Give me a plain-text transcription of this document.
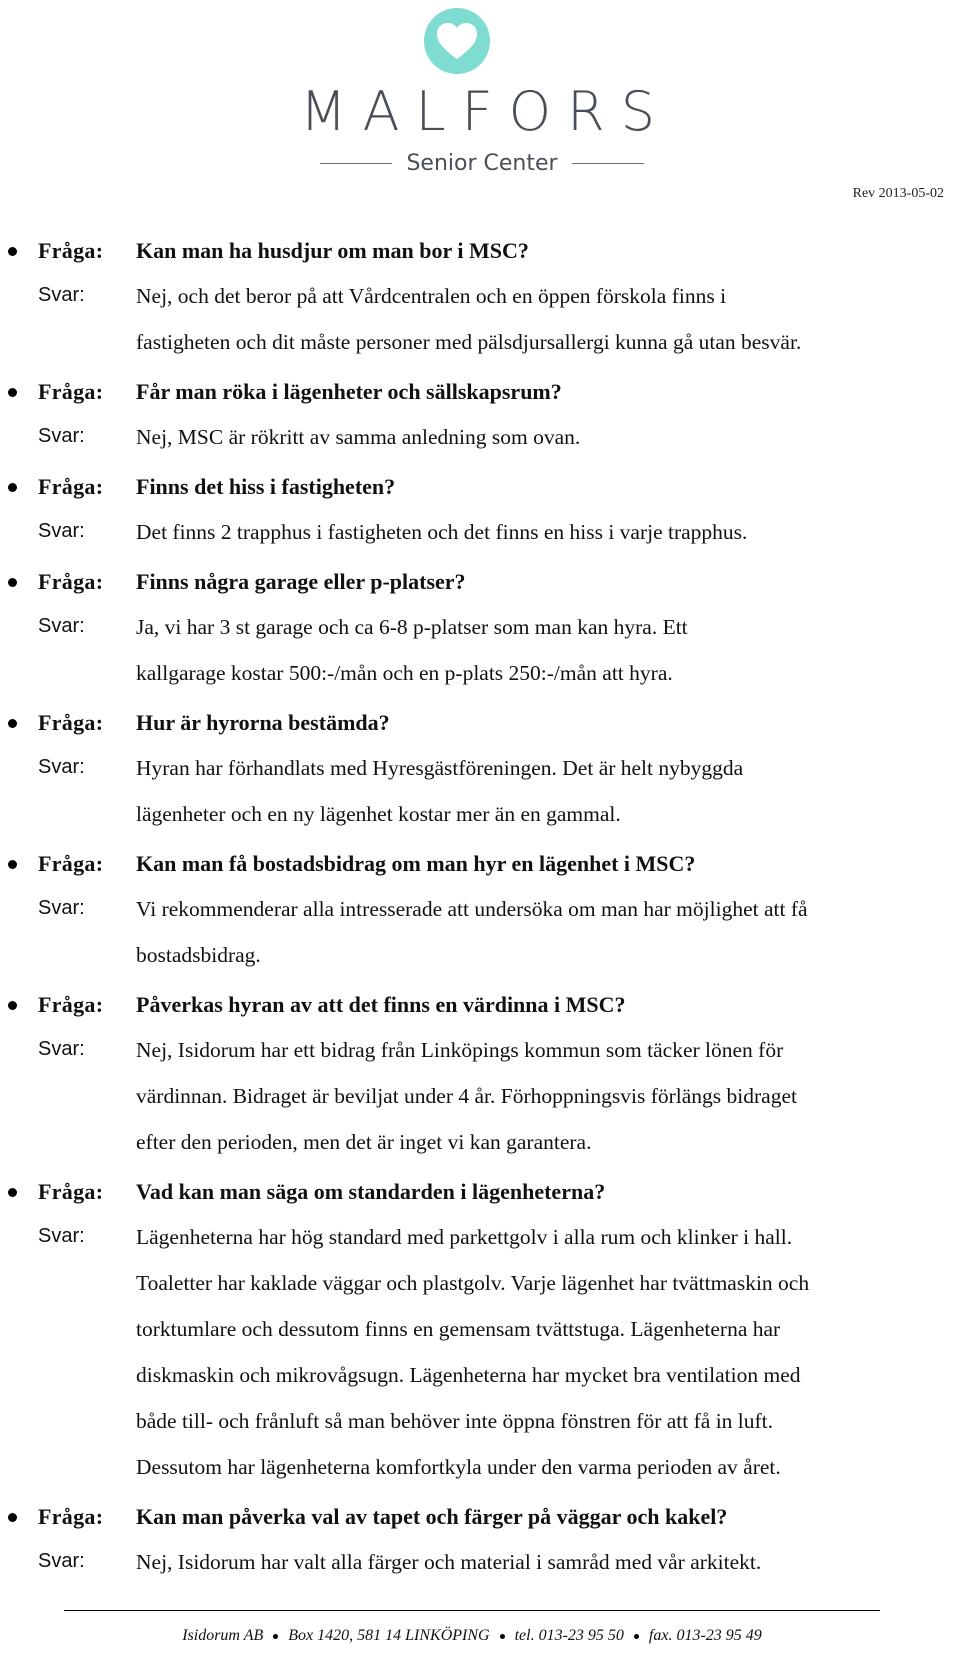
MALFORS
Senior Center
Rev 2013-05-02
Fråga: Kan man ha husdjur om man bor i MSC?
Svar: Nej, och det beror på att Vårdcentralen och en öppen förskola finns i
fastigheten och dit måste personer med pälsdjursallergi kunna gå utan besvär.
Fråga: Får man röka i lägenheter och sällskapsrum?
Svar: Nej, MSC är rökritt av samma anledning som ovan.
Fråga: Finns det hiss i fastigheten?
Svar: Det finns 2 trapphus i fastigheten och det finns en hiss i varje trapphus.
Fråga: Finns några garage eller p-platser?
Svar: Ja, vi har 3 st garage och ca 6-8 p-platser som man kan hyra. Ett
kallgarage kostar 500:-/mån och en p-plats 250:-/mån att hyra.
Fråga: Hur är hyrorna bestämda?
Svar: Hyran har förhandlats med Hyresgästföreningen. Det är helt nybyggda
lägenheter och en ny lägenhet kostar mer än en gammal.
Fråga: Kan man få bostadsbidrag om man hyr en lägenhet i MSC?
Svar: Vi rekommenderar alla intresserade att undersöka om man har möjlighet att få
bostadsbidrag.
Fråga: Påverkas hyran av att det finns en värdinna i MSC?
Svar: Nej, Isidorum har ett bidrag från Linköpings kommun som täcker lönen för
värdinnan. Bidraget är beviljat under 4 år. Förhoppningsvis förlängs bidraget
efter den perioden, men det är inget vi kan garantera.
Fråga: Vad kan man säga om standarden i lägenheterna?
Svar: Lägenheterna har hög standard med parkettgolv i alla rum och klinker i hall.
Toaletter har kaklade väggar och plastgolv. Varje lägenhet har tvättmaskin och
torktumlare och dessutom finns en gemensam tvättstuga. Lägenheterna har
diskmaskin och mikrovågsugn. Lägenheterna har mycket bra ventilation med
både till- och frånluft så man behöver inte öppna fönstren för att få in luft.
Dessutom har lägenheterna komfortkyla under den varma perioden av året.
Fråga: Kan man påverka val av tapet och färger på väggar och kakel?
Svar: Nej, Isidorum har valt alla färger och material i samråd med vår arkitekt.
Isidorum AB Box 1420, 581 14 LINKÖPING tel. 013-23 95 50 fax. 013-23 95 49
